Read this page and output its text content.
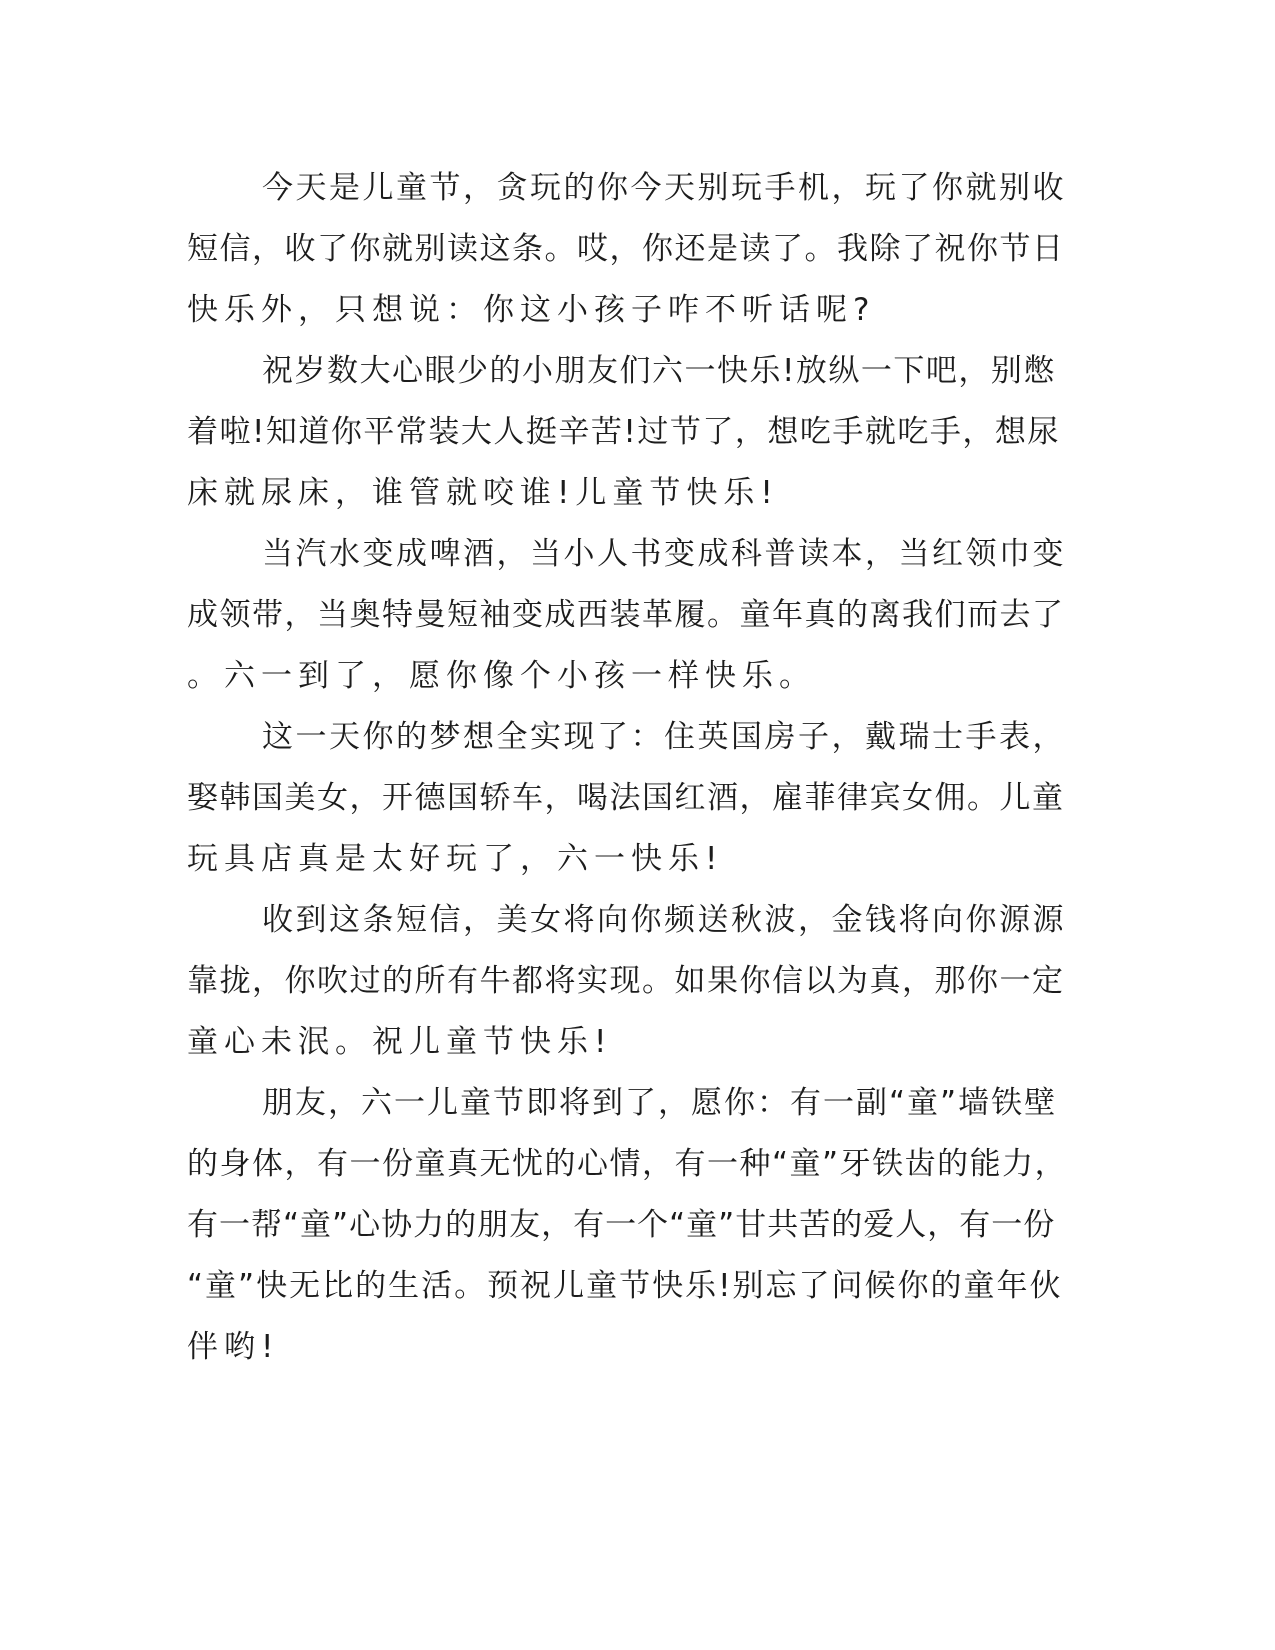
今天是儿童节，贪玩的你今天别玩手机，玩了你就别收
短信，收了你就别读这条。哎，你还是读了。我除了祝你节日
快乐外，只想说：你这小孩子咋不听话呢?
祝岁数大心眼少的小朋友们六一快乐!放纵一下吧，别憋
着啦!知道你平常装大人挺辛苦!过节了，想吃手就吃手，想尿
床就尿床，谁管就咬谁!儿童节快乐!
当汽水变成啤酒，当小人书变成科普读本，当红领巾变
成领带，当奥特曼短袖变成西装革履。童年真的离我们而去了
。六一到了，愿你像个小孩一样快乐。
这一天你的梦想全实现了：住英国房子，戴瑞士手表，
娶韩国美女，开德国轿车，喝法国红酒，雇菲律宾女佣。儿童
玩具店真是太好玩了，六一快乐!
收到这条短信，美女将向你频送秋波，金钱将向你源源
靠拢，你吹过的所有牛都将实现。如果你信以为真，那你一定
童心未泯。祝儿童节快乐!
朋友，六一儿童节即将到了，愿你：有一副“童”墙铁壁
的身体，有一份童真无忧的心情，有一种“童”牙铁齿的能力，
有一帮“童”心协力的朋友，有一个“童”甘共苦的爱人，有一份
“童”快无比的生活。预祝儿童节快乐!别忘了问候你的童年伙
伴哟!
